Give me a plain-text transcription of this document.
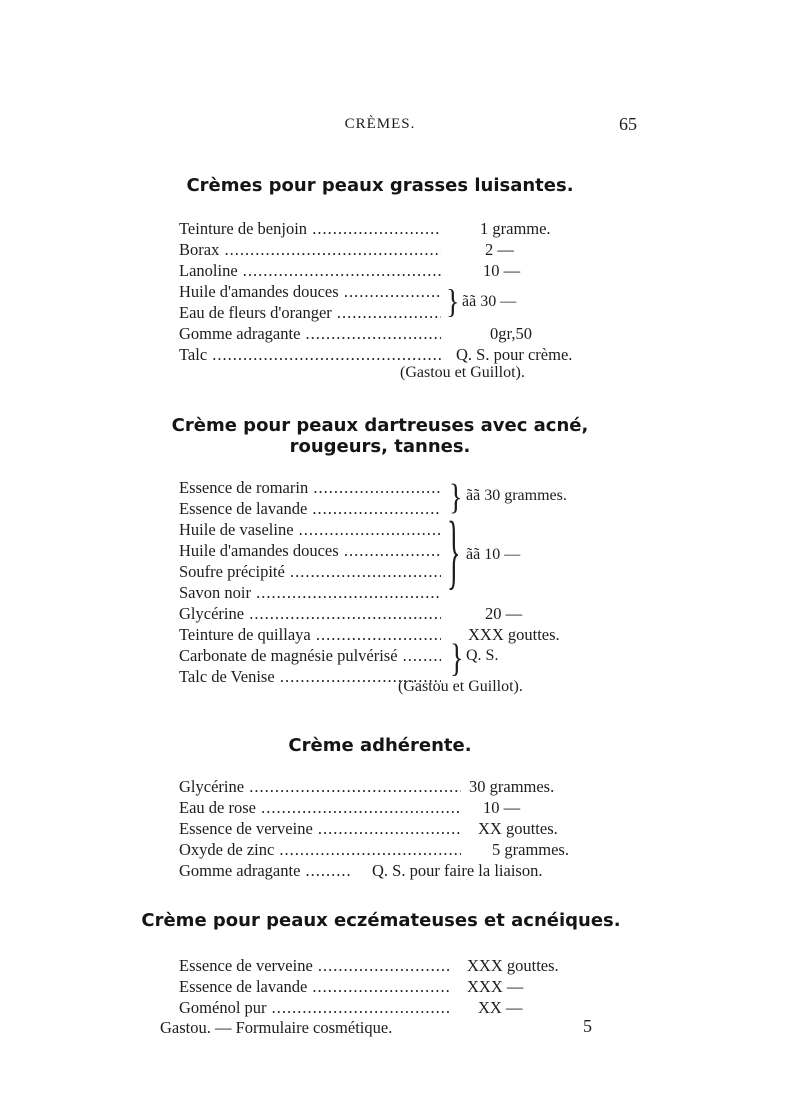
CRÈMES.	65
Crèmes pour peaux grasses luisantes.
Teinture de benjoin .....	1 gramme.
Borax .....	2 —
Lanoline .....	10 —
Huile d'amandes douces .....
Eau de fleurs d'oranger .....	} ãã 30 —
Gomme adragante .....	0gr,50
Talc .....	Q. S. pour crème.
(Gastou et Guillot).
Crème pour peaux dartreuses avec acné,
rougeurs, tannes.
Essence de romarin .....
Essence de lavande .....	} ãã 30 grammes.
Huile de vaseline .....
Huile d'amandes douces .....
Soufre précipité .....
Savon noir .....	} ãã 10 —
Glycérine .....	20 —
Teinture de quillaya .....	XXX gouttes.
Carbonate de magnésie pulvérisé .....
Talc de Venise .....	} Q. S.
(Gastou et Guillot).
Crème adhérente.
Glycérine .....	30 grammes.
Eau de rose .....	10 —
Essence de verveine .....	XX gouttes.
Oxyde de zinc .....	5 grammes.
Gomme adragante .....	Q. S. pour faire la liaison.
Crème pour peaux eczémateuses et acnéiques.
Essence de verveine .....	XXX gouttes.
Essence de lavande .....	XXX —
Goménol pur .....	XX —
Gastou. — Formulaire cosmétique.	5
